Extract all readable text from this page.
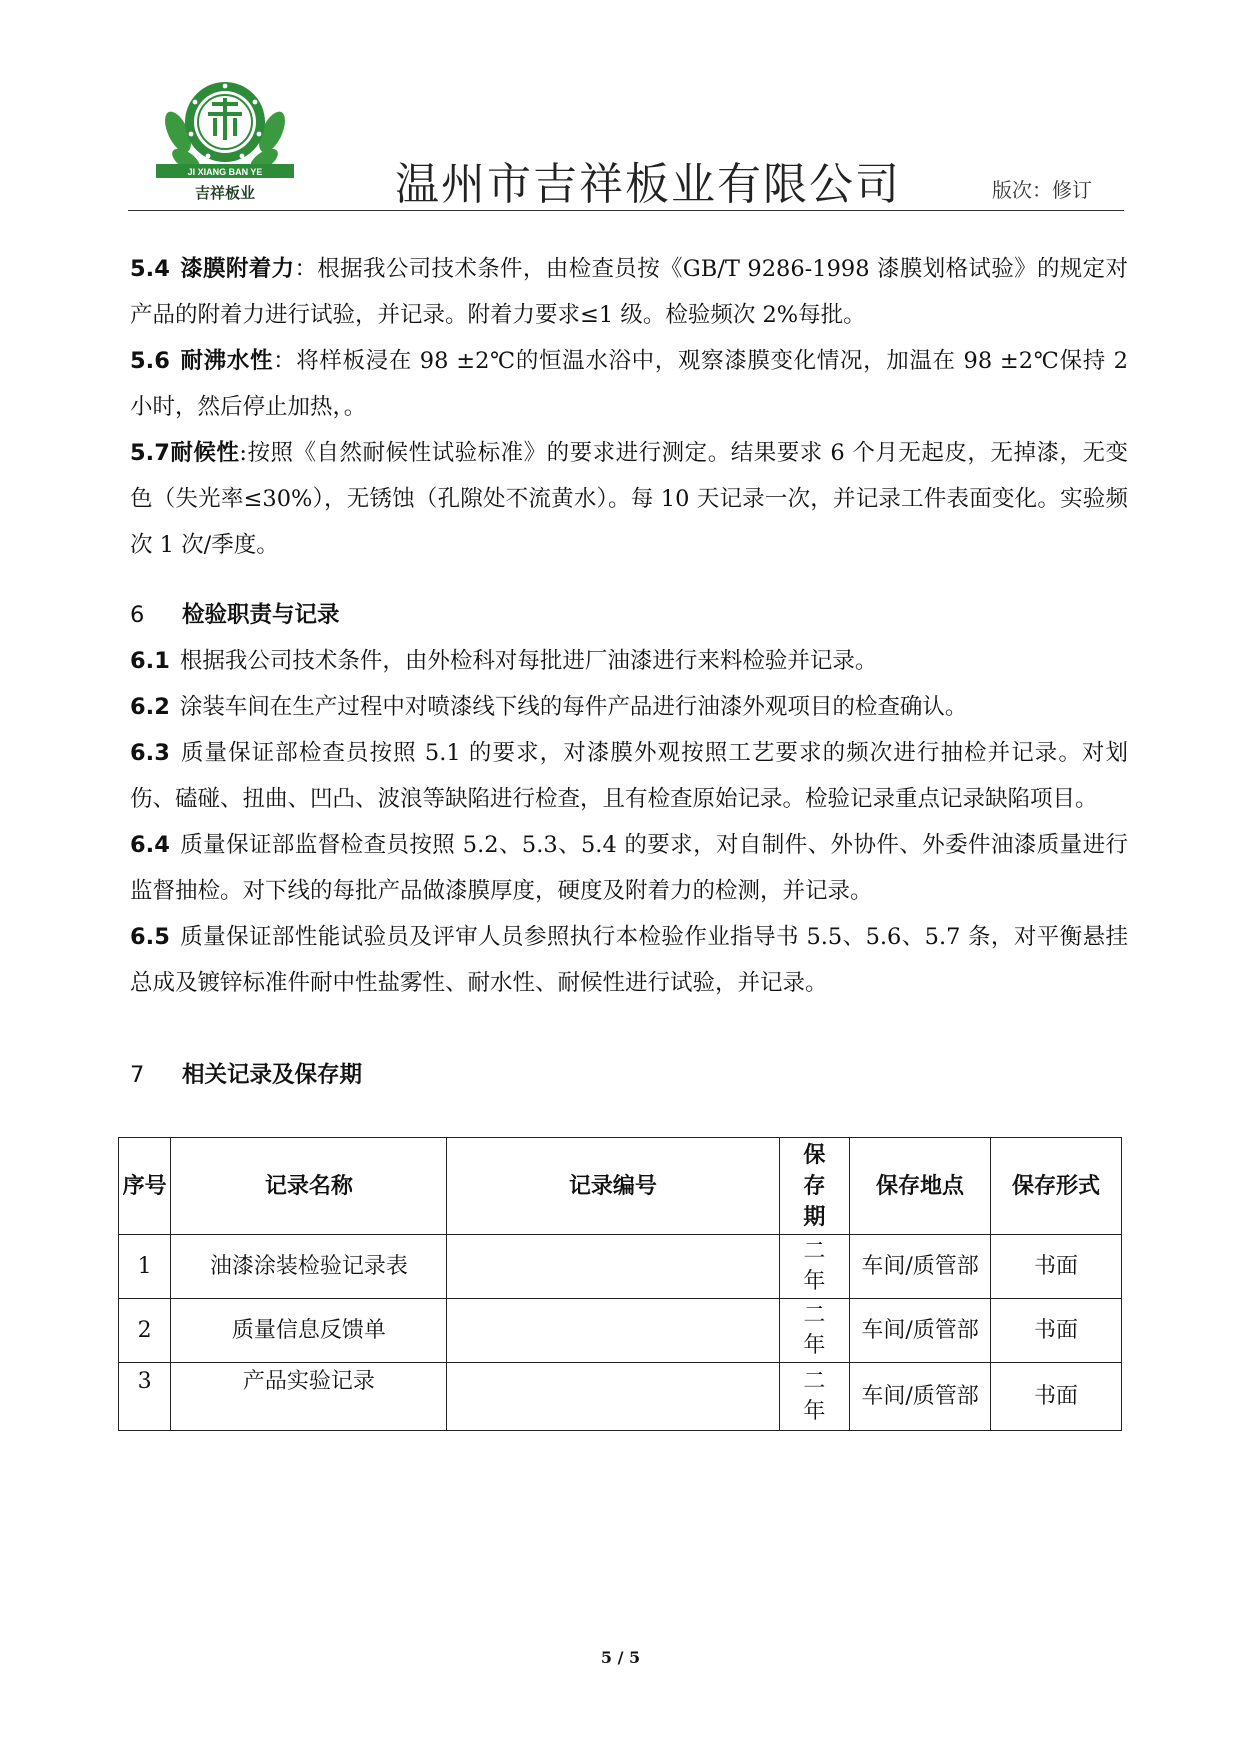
JI XIANG BAN YE
吉祥板业	温州市吉祥板业有限公司	版次：修订

5.4 漆膜附着力：根据我公司技术条件，由检查员按《GB/T 9286-1998 漆膜划格试验》的规定对产品的附着力进行试验，并记录。附着力要求≤1 级。检验频次 2%每批。

5.6 耐沸水性：将样板浸在 98 ±2℃的恒温水浴中，观察漆膜变化情况，加温在 98 ±2℃保持 2 小时，然后停止加热，。

5.7耐候性:按照《自然耐候性试验标准》的要求进行测定。结果要求 6 个月无起皮，无掉漆，无变色（失光率≤30%），无锈蚀（孔隙处不流黄水）。每 10 天记录一次，并记录工件表面变化。实验频次 1 次/季度。

6 检验职责与记录

6.1 根据我公司技术条件，由外检科对每批进厂油漆进行来料检验并记录。

6.2 涂装车间在生产过程中对喷漆线下线的每件产品进行油漆外观项目的检查确认。

6.3 质量保证部检查员按照 5.1 的要求，对漆膜外观按照工艺要求的频次进行抽检并记录。对划伤、磕碰、扭曲、凹凸、波浪等缺陷进行检查，且有检查原始记录。检验记录重点记录缺陷项目。

6.4 质量保证部监督检查员按照 5.2、5.3、5.4 的要求，对自制件、外协件、外委件油漆质量进行监督抽检。对下线的每批产品做漆膜厚度，硬度及附着力的检测，并记录。

6.5 质量保证部性能试验员及评审人员参照执行本检验作业指导书 5.5、5.6、5.7 条，对平衡悬挂总成及镀锌标准件耐中性盐雾性、耐水性、耐候性进行试验，并记录。

7 相关记录及保存期

序号	记录名称	记录编号	保存期	保存地点	保存形式
1	油漆涂装检验记录表		二年	车间/质管部	书面
2	质量信息反馈单		二年	车间/质管部	书面
3	产品实验记录		二年	车间/质管部	书面
5 / 5
